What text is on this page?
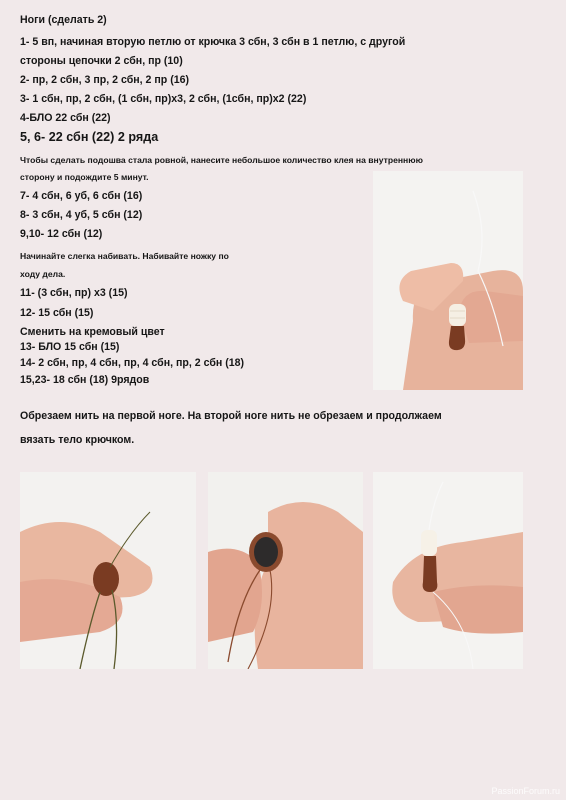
Ноги (сделать 2)
1- 5 вп, начиная вторую петлю от крючка 3 сбн, 3 сбн в 1 петлю, с другой
стороны цепочки 2 сбн, пр (10)
2- пр, 2 сбн, 3 пр, 2 сбн, 2 пр (16)
3- 1 сбн, пр, 2 сбн, (1 сбн, пр)х3, 2 сбн, (1сбн, пр)х2 (22)
4-БЛО 22 сбн (22)
5, 6- 22 сбн (22) 2 ряда
Чтобы сделать подошва стала ровной, нанесите небольшое количество клея на внутреннюю
сторону и подождите 5 минут.
7- 4 сбн, 6 уб, 6 сбн (16)
8- 3 сбн, 4 уб, 5 сбн (12)
9,10- 12 сбн (12)
Начинайте слегка набивать. Набивайте ножку по
ходу дела.
11- (3 сбн, пр) х3 (15)
12- 15 сбн (15)
Сменить на кремовый цвет
13- БЛО 15 сбн (15)
14- 2 сбн, пр, 4 сбн, пр, 4 сбн, пр, 2 сбн (18)
15,23- 18 сбн (18) 9рядов
Обрезаем нить на первой ноге. На второй ноге нить не обрезаем и продолжаем
вязать тело крючком.
PassionForum.ru
